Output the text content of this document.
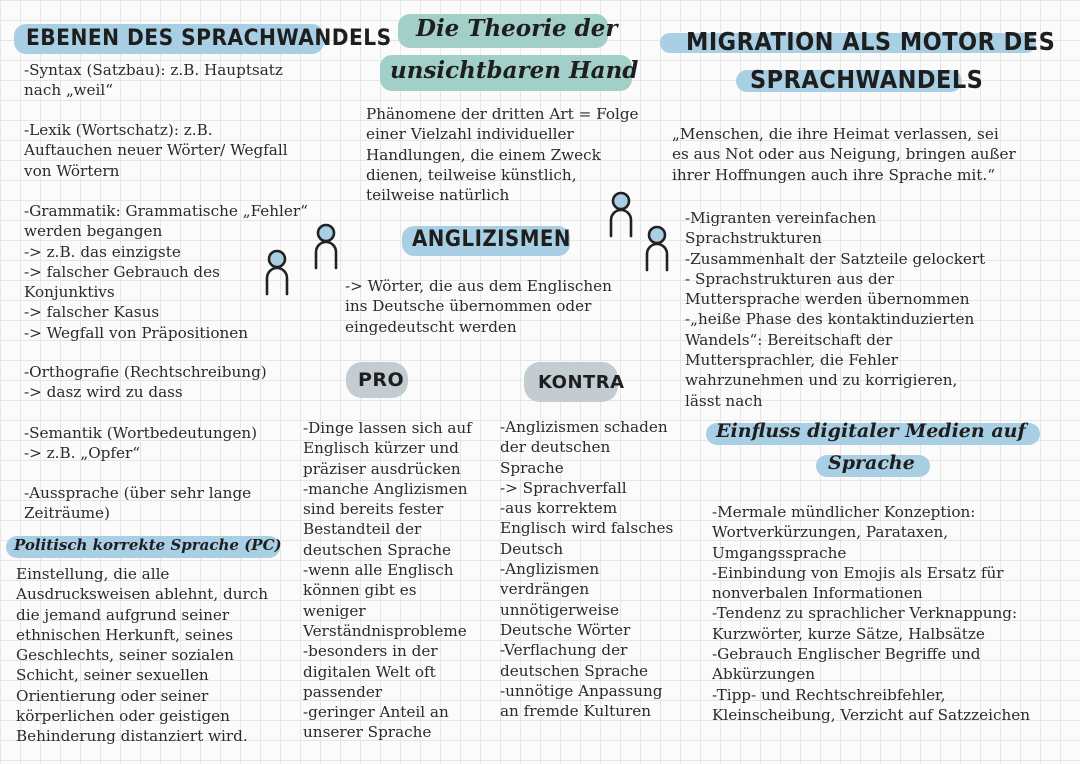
EBENEN DES SPRACHWANDELS
-Syntax (Satzbau): z.B. Hauptsatz
nach „weil“
-Lexik (Wortschatz): z.B.
Auftauchen neuer Wörter/ Wegfall
von Wörtern
-Grammatik: Grammatische „Fehler“
werden begangen
-> z.B. das einzigste
-> falscher Gebrauch des
Konjunktivs
-> falscher Kasus
-> Wegfall von Präpositionen
-Orthografie (Rechtschreibung)
-> dasz wird zu dass
-Semantik (Wortbedeutungen)
-> z.B. „Opfer“
-Aussprache (über sehr lange
Zeiträume)
Politisch korrekte Sprache (PC)
Einstellung, die alle
Ausdrucksweisen ablehnt, durch
die jemand aufgrund seiner
ethnischen Herkunft, seines
Geschlechts, seiner sozialen
Schicht, seiner sexuellen
Orientierung oder seiner
körperlichen oder geistigen
Behinderung distanziert wird.
Die Theorie der
unsichtbaren Hand
Phänomene der dritten Art = Folge
einer Vielzahl individueller
Handlungen, die einem Zweck
dienen, teilweise künstlich,
teilweise natürlich
ANGLIZISMEN
-> Wörter, die aus dem Englischen
ins Deutsche übernommen oder
eingedeutscht werden
PRO	KONTRA
-Dinge lassen sich auf
Englisch kürzer und
präziser ausdrücken
-manche Anglizismen
sind bereits fester
Bestandteil der
deutschen Sprache
-wenn alle Englisch
können gibt es
weniger
Verständnisprobleme
-besonders in der
digitalen Welt oft
passender
-geringer Anteil an
unserer Sprache
-Anglizismen schaden
der deutschen
Sprache
-> Sprachverfall
-aus korrektem
Englisch wird falsches
Deutsch
-Anglizismen
verdrängen
unnötigerweise
Deutsche Wörter
-Verflachung der
deutschen Sprache
-unnötige Anpassung
an fremde Kulturen
MIGRATION ALS MOTOR DES
SPRACHWANDELS
„Menschen, die ihre Heimat verlassen, sei
es aus Not oder aus Neigung, bringen außer
ihrer Hoffnungen auch ihre Sprache mit.“
-Migranten vereinfachen
Sprachstrukturen
-Zusammenhalt der Satzteile gelockert
- Sprachstrukturen aus der
Muttersprache werden übernommen
-„heiße Phase des kontaktinduzierten
Wandels“: Bereitschaft der
Muttersprachler, die Fehler
wahrzunehmen und zu korrigieren,
lässt nach
Einfluss digitaler Medien auf
Sprache
-Mermale mündlicher Konzeption:
Wortverkürzungen, Parataxen,
Umgangssprache
-Einbindung von Emojis als Ersatz für
nonverbalen Informationen
-Tendenz zu sprachlicher Verknappung:
Kurzwörter, kurze Sätze, Halbsätze
-Gebrauch Englischer Begriffe und
Abkürzungen
-Tipp- und Rechtschreibfehler,
Kleinscheibung, Verzicht auf Satzzeichen
